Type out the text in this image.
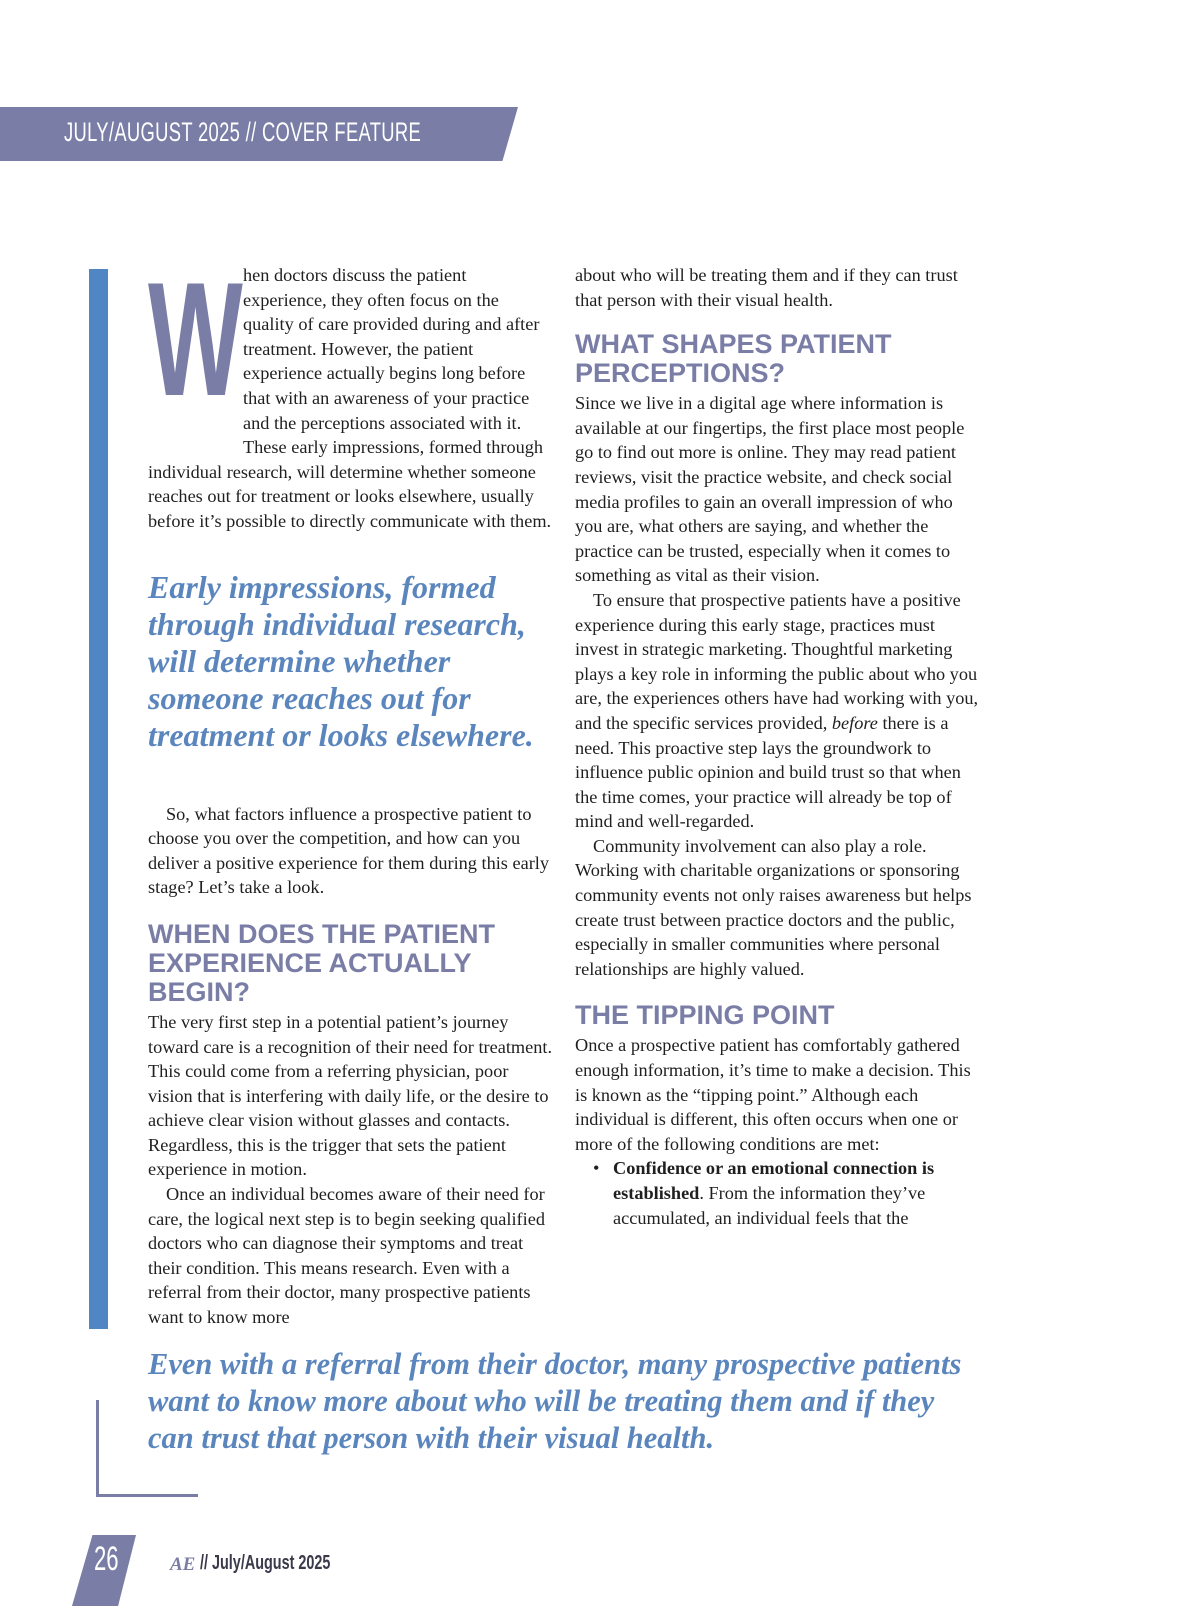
JULY/AUGUST 2025 // COVER FEATURE

When doctors discuss the patient experience, they often focus on the quality of care provided during and after treatment. However, the patient experience actually begins long before that with an awareness of your practice and the perceptions associated with it. These early impressions, formed through individual research, will determine whether someone reaches out for treatment or looks elsewhere, usually before it’s possible to directly communicate with them.

Early impressions, formed through individual research, will determine whether someone reaches out for treatment or looks elsewhere.

So, what factors influence a prospective patient to choose you over the competition, and how can you deliver a positive experience for them during this early stage? Let’s take a look.

WHEN DOES THE PATIENT EXPERIENCE ACTUALLY BEGIN?

The very first step in a potential patient’s journey toward care is a recognition of their need for treatment. This could come from a referring physician, poor vision that is interfering with daily life, or the desire to achieve clear vision without glasses and contacts. Regardless, this is the trigger that sets the patient experience in motion.

Once an individual becomes aware of their need for care, the logical next step is to begin seeking qualified doctors who can diagnose their symptoms and treat their condition. This means research. Even with a referral from their doctor, many prospective patients want to know more

about who will be treating them and if they can trust that person with their visual health.

WHAT SHAPES PATIENT PERCEPTIONS?

Since we live in a digital age where information is available at our fingertips, the first place most people go to find out more is online. They may read patient reviews, visit the practice website, and check social media profiles to gain an overall impression of who you are, what others are saying, and whether the practice can be trusted, especially when it comes to something as vital as their vision.

To ensure that prospective patients have a positive experience during this early stage, practices must invest in strategic marketing. Thoughtful marketing plays a key role in informing the public about who you are, the experiences others have had working with you, and the specific services provided, before there is a need. This proactive step lays the groundwork to influence public opinion and build trust so that when the time comes, your practice will already be top of mind and well-regarded.

Community involvement can also play a role. Working with charitable organizations or sponsoring community events not only raises awareness but helps create trust between practice doctors and the public, especially in smaller communities where personal relationships are highly valued.

THE TIPPING POINT

Once a prospective patient has comfortably gathered enough information, it’s time to make a decision. This is known as the “tipping point.” Although each individual is different, this often occurs when one or more of the following conditions are met:

• Confidence or an emotional connection is established. From the information they’ve accumulated, an individual feels that the
Even with a referral from their doctor, many prospective patients want to know more about who will be treating them and if they can trust that person with their visual health.
26	AE // July/August 2025
